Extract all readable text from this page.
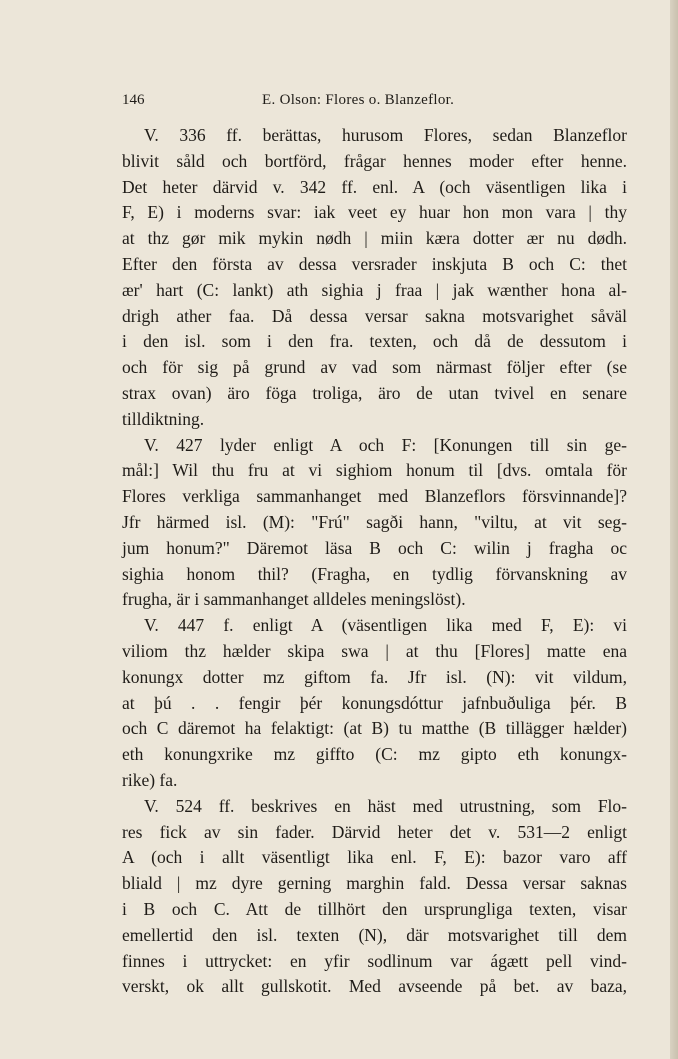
146	E. Olson: Flores o. Blanzeflor.
V. 336 ff. berättas, hurusom Flores, sedan Blanzeflor
blivit såld och bortförd, frågar hennes moder efter henne.
Det heter därvid v. 342 ff. enl. A (och väsentligen lika i
F, E) i moderns svar: iak veet ey huar hon mon vara | thy
at thz gør mik mykin nødh | miin kæra dotter ær nu dødh.
Efter den första av dessa versrader inskjuta B och C: thet
ær' hart (C: lankt) ath sighia j fraa | jak wænther hona al-
drigh ather faa. Då dessa versar sakna motsvarighet såväl
i den isl. som i den fra. texten, och då de dessutom i
och för sig på grund av vad som närmast följer efter (se
strax ovan) äro föga troliga, äro de utan tvivel en senare
tilldiktning.
V. 427 lyder enligt A och F: [Konungen till sin ge-
mål:] Wil thu fru at vi sighiom honum til [dvs. omtala för
Flores verkliga sammanhanget med Blanzeflors försvinnande]?
Jfr härmed isl. (M): "Frú" sagði hann, "viltu, at vit seg-
jum honum?" Däremot läsa B och C: wilin j fragha oc
sighia honom thil? (Fragha, en tydlig förvanskning av
frugha, är i sammanhanget alldeles meningslöst).
V. 447 f. enligt A (väsentligen lika med F, E): vi
viliom thz hælder skipa swa | at thu [Flores] matte ena
konungx dotter mz giftom fa. Jfr isl. (N): vit vildum,
at þú . . fengir þér konungsdóttur jafnbuðuliga þér. B
och C däremot ha felaktigt: (at B) tu matthe (B tillägger hælder)
eth konungxrike mz giffto (C: mz gipto eth konungx-
rike) fa.
V. 524 ff. beskrives en häst med utrustning, som Flo-
res fick av sin fader. Därvid heter det v. 531—2 enligt
A (och i allt väsentligt lika enl. F, E): bazor varo aff
bliald | mz dyre gerning marghin fald. Dessa versar saknas
i B och C. Att de tillhört den ursprungliga texten, visar
emellertid den isl. texten (N), där motsvarighet till dem
finnes i uttrycket: en yfir sodlinum var ágætt pell vind-
verskt, ok allt gullskotit. Med avseende på bet. av baza,
